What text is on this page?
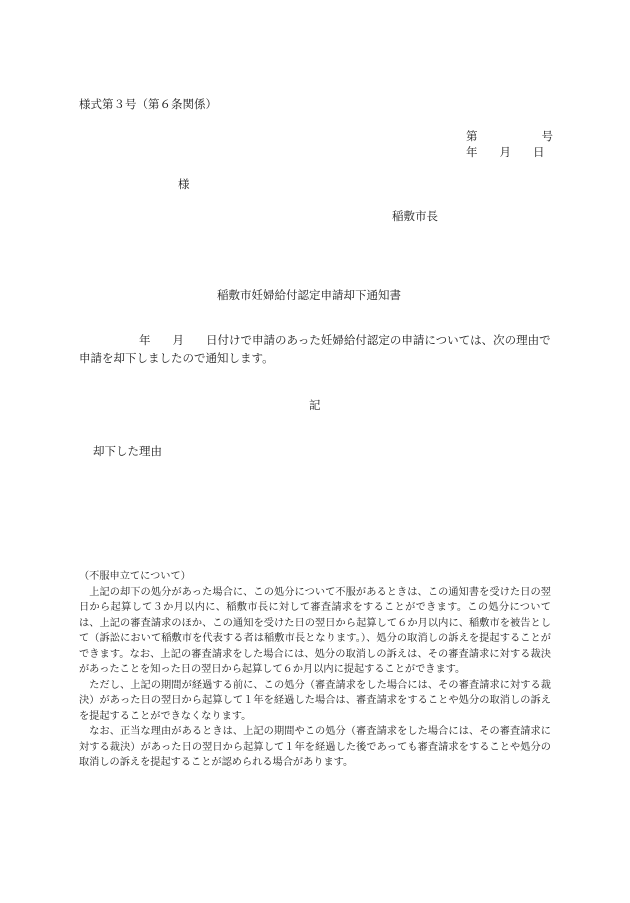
様式第３号（第６条関係）
第	号
年 月 日
様
稲敷市長
稲敷市妊婦給付認定申請却下通知書
年 月 日付けで申請のあった妊婦給付認定の申請については、次の理由で申請を却下しましたので通知します。
記
却下した理由

（不服申立てについて）

上記の却下の処分があった場合に、この処分について不服があるときは、この通知書を受けた日の翌日から起算して３か月以内に、稲敷市長に対して審査請求をすることができます。この処分については、上記の審査請求のほか、この通知を受けた日の翌日から起算して６か月以内に、稲敷市を被告として（訴訟において稲敷市を代表する者は稲敷市長となります。）、処分の取消しの訴えを提起することができます。なお、上記の審査請求をした場合には、処分の取消しの訴えは、その審査請求に対する裁決があったことを知った日の翌日から起算して６か月以内に提起することができます。

ただし、上記の期間が経過する前に、この処分（審査請求をした場合には、その審査請求に対する裁決）があった日の翌日から起算して１年を経過した場合は、審査請求をすることや処分の取消しの訴えを提起することができなくなります。

なお、正当な理由があるときは、上記の期間やこの処分（審査請求をした場合には、その審査請求に対する裁決）があった日の翌日から起算して１年を経過した後であっても審査請求をすることや処分の取消しの訴えを提起することが認められる場合があります。
